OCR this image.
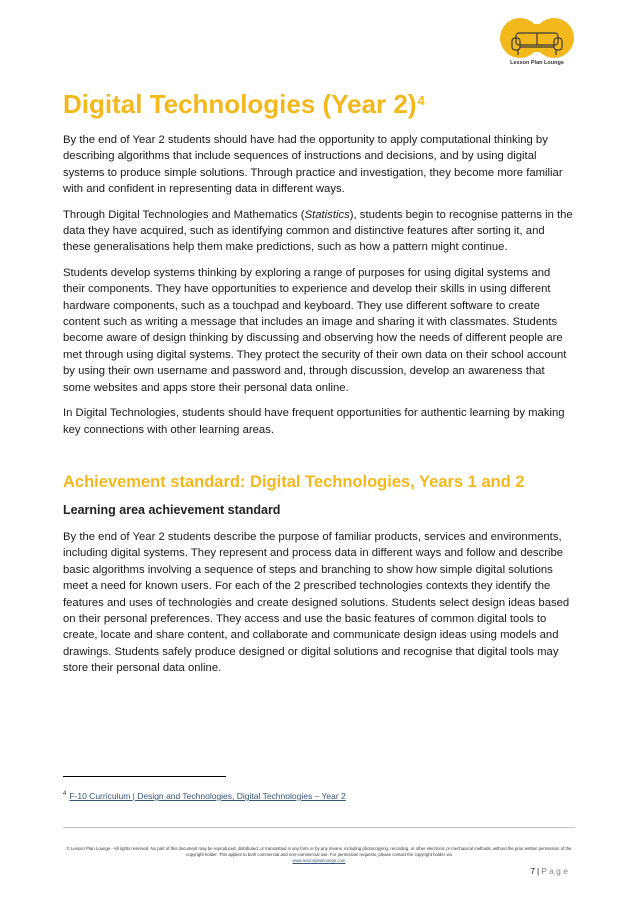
Lesson Plan Lounge
Digital Technologies (Year 2)$^4$

By the end of Year 2 students should have had the opportunity to apply computational thinking by describing algorithms that include sequences of instructions and decisions, and by using digital systems to produce simple solutions. Through practice and investigation, they become more familiar with and confident in representing data in different ways.

Through Digital Technologies and Mathematics (Statistics), students begin to recognise patterns in the data they have acquired, such as identifying common and distinctive features after sorting it, and these generalisations help them make predictions, such as how a pattern might continue.

Students develop systems thinking by exploring a range of purposes for using digital systems and their components. They have opportunities to experience and develop their skills in using different hardware components, such as a touchpad and keyboard. They use different software to create content such as writing a message that includes an image and sharing it with classmates. Students become aware of design thinking by discussing and observing how the needs of different people are met through using digital systems. They protect the security of their own data on their school account by using their own username and password and, through discussion, develop an awareness that some websites and apps store their personal data online.

In Digital Technologies, students should have frequent opportunities for authentic learning by making key connections with other learning areas.

Achievement standard: Digital Technologies, Years 1 and 2
Learning area achievement standard

By the end of Year 2 students describe the purpose of familiar products, services and environments, including digital systems. They represent and process data in different ways and follow and describe basic algorithms involving a sequence of steps and branching to show how simple digital solutions meet a need for known users. For each of the 2 prescribed technologies contexts they identify the features and uses of technologies and create designed solutions. Students select design ideas based on their personal preferences. They access and use the basic features of common digital tools to create, locate and share content, and collaborate and communicate design ideas using models and drawings. Students safely produce designed or digital solutions and recognise that digital tools may store their personal data online.

$^4$ F-10 Curriculum | Design and Technologies, Digital Technologies – Year 2
© Lesson Plan Lounge - All rights reserved. No part of this document may be reproduced, distributed, or transmitted in any form or by any means, including photocopying, recording, or other electronic or mechanical methods, without the prior written permission of the copyright holder. This applies to both commercial and non-commercial use. For permission requests, please contact the copyright holder via
www.lessonplanlounge.com
7 | P a g e
